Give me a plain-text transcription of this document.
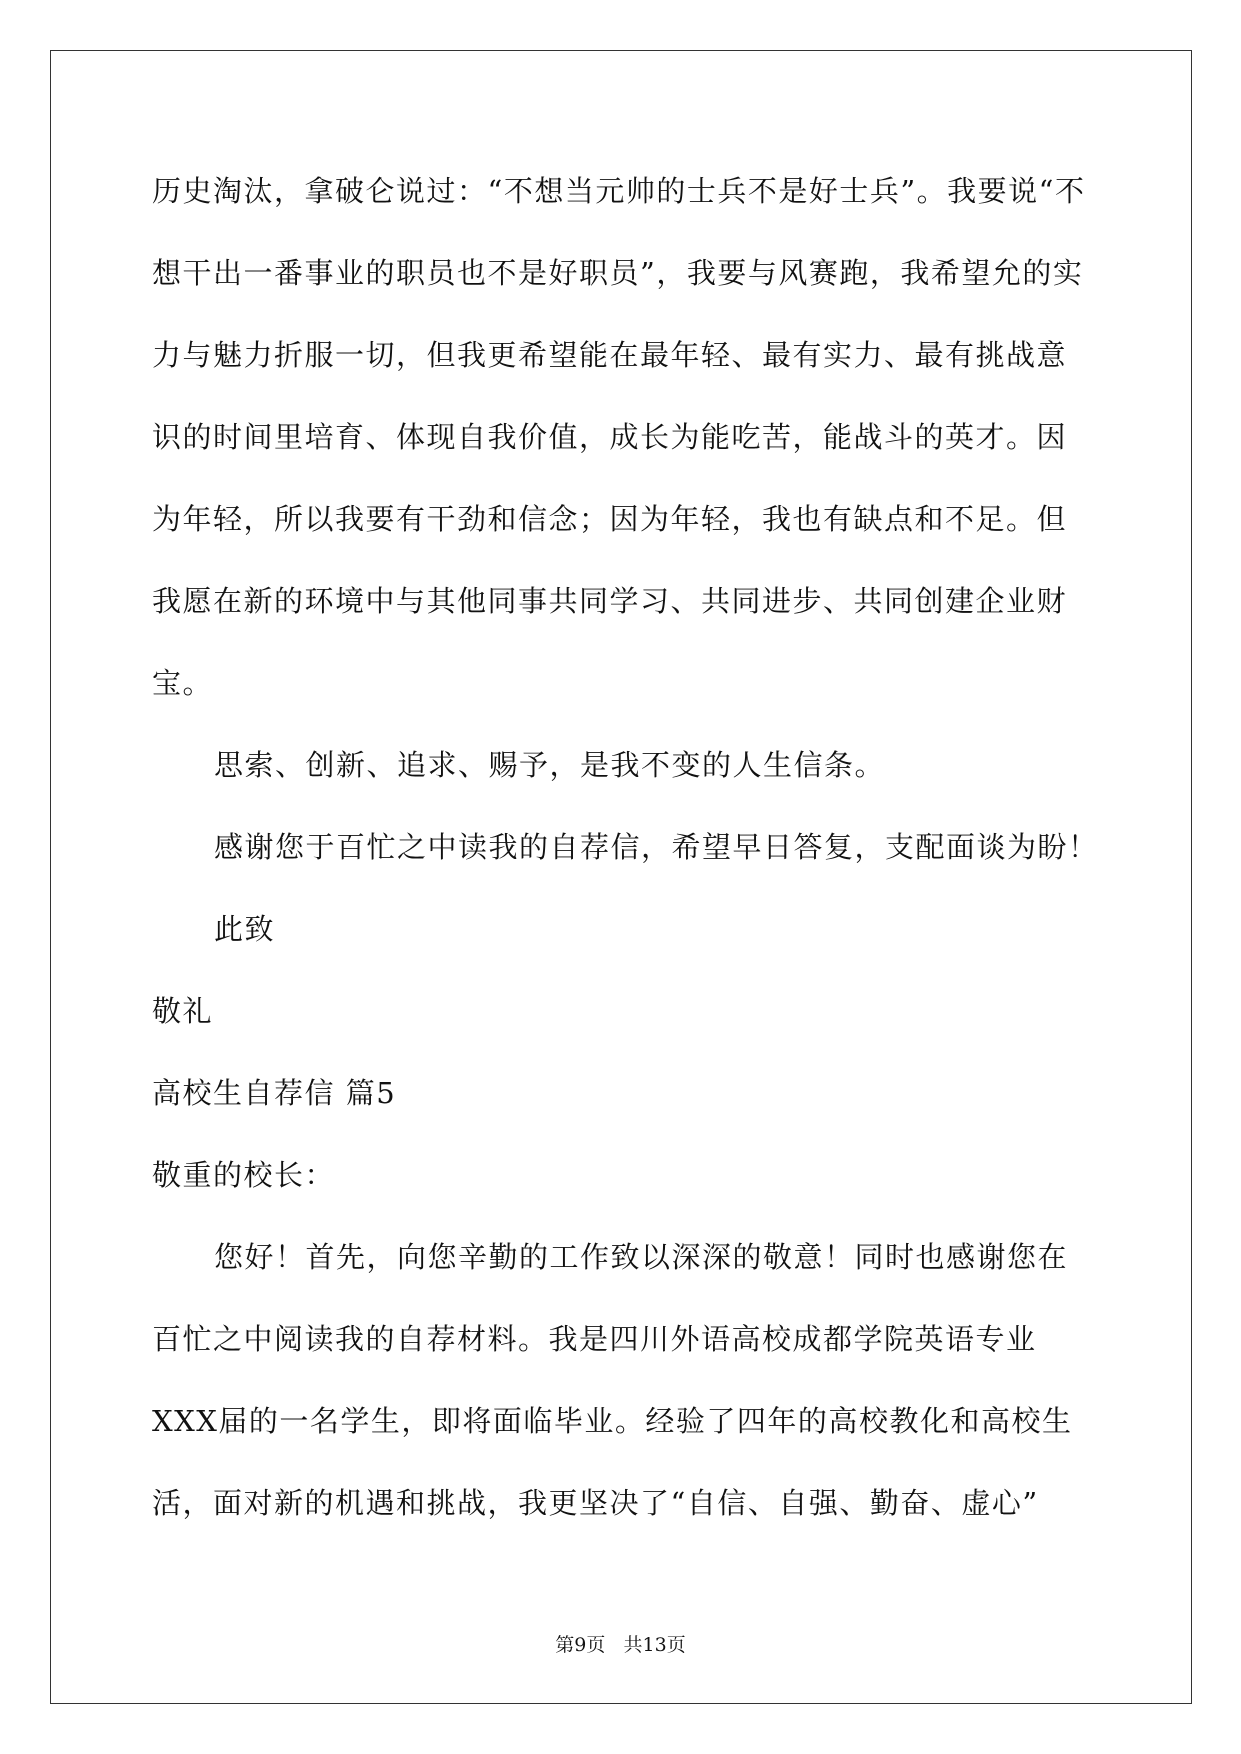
历史淘汰，拿破仑说过：“不想当元帅的士兵不是好士兵”。我要说“不
想干出一番事业的职员也不是好职员”，我要与风赛跑，我希望允的实
力与魅力折服一切，但我更希望能在最年轻、最有实力、最有挑战意
识的时间里培育、体现自我价值，成长为能吃苦，能战斗的英才。因
为年轻，所以我要有干劲和信念；因为年轻，我也有缺点和不足。但
我愿在新的环境中与其他同事共同学习、共同进步、共同创建企业财
宝。
思索、创新、追求、赐予，是我不变的人生信条。
感谢您于百忙之中读我的自荐信，希望早日答复，支配面谈为盼！
此致
敬礼
高校生自荐信 篇5
敬重的校长：
您好！首先，向您辛勤的工作致以深深的敬意！同时也感谢您在
百忙之中阅读我的自荐材料。我是四川外语高校成都学院英语专业
XXX届的一名学生，即将面临毕业。经验了四年的高校教化和高校生
活，面对新的机遇和挑战，我更坚决了“自信、自强、勤奋、虚心”
第9页 共13页
